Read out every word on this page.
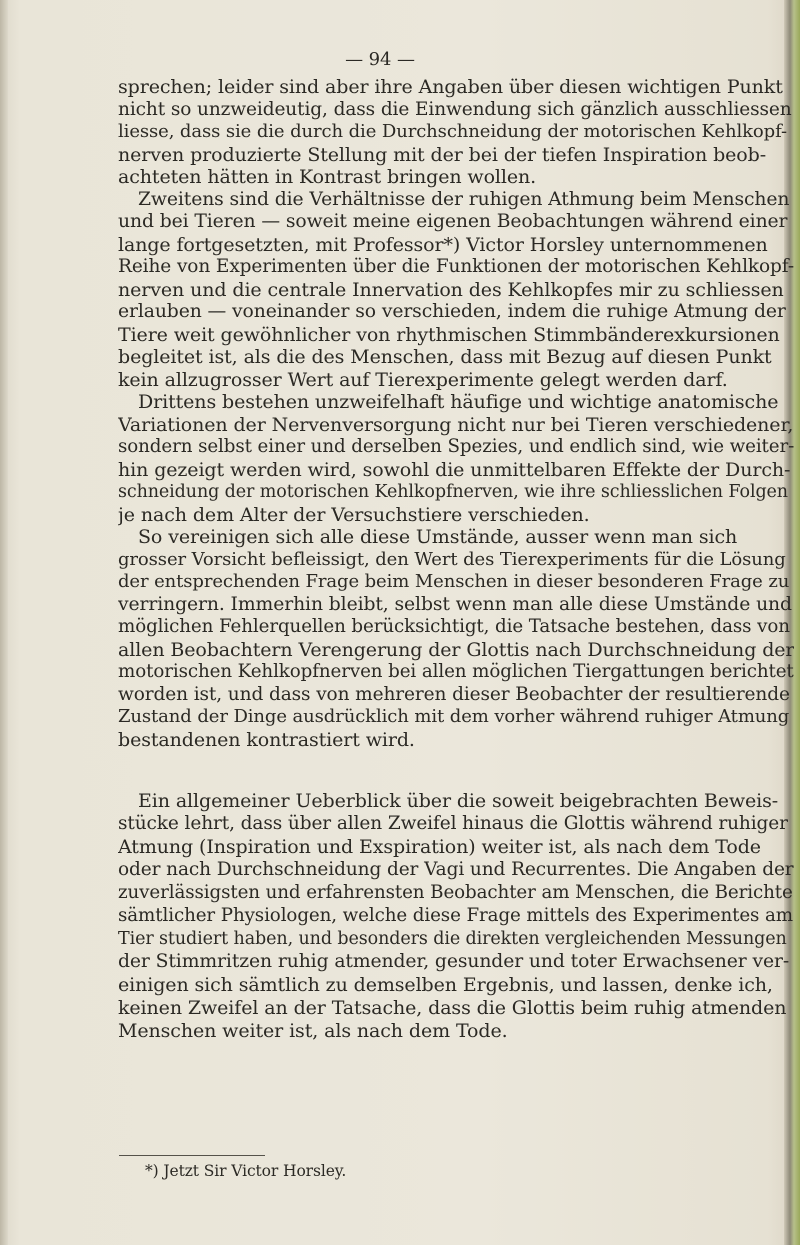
— 94 —
sprechen; leider sind aber ihre Angaben über diesen wichtigen Punkt
nicht so unzweideutig, dass die Einwendung sich gänzlich ausschliessen
liesse, dass sie die durch die Durchschneidung der motorischen Kehlkopf-
nerven produzierte Stellung mit der bei der tiefen Inspiration beob-
achteten hätten in Kontrast bringen wollen.
Zweitens sind die Verhältnisse der ruhigen Athmung beim Menschen
und bei Tieren — soweit meine eigenen Beobachtungen während einer
lange fortgesetzten, mit Professor*) Victor Horsley unternommenen
Reihe von Experimenten über die Funktionen der motorischen Kehlkopf-
nerven und die centrale Innervation des Kehlkopfes mir zu schliessen
erlauben — voneinander so verschieden, indem die ruhige Atmung der
Tiere weit gewöhnlicher von rhythmischen Stimmbänderexkursionen
begleitet ist, als die des Menschen, dass mit Bezug auf diesen Punkt
kein allzugrosser Wert auf Tierexperimente gelegt werden darf.
Drittens bestehen unzweifelhaft häufige und wichtige anatomische
Variationen der Nervenversorgung nicht nur bei Tieren verschiedener,
sondern selbst einer und derselben Spezies, und endlich sind, wie weiter-
hin gezeigt werden wird, sowohl die unmittelbaren Effekte der Durch-
schneidung der motorischen Kehlkopfnerven, wie ihre schliesslichen Folgen
je nach dem Alter der Versuchstiere verschieden.
So vereinigen sich alle diese Umstände, ausser wenn man sich
grosser Vorsicht befleissigt, den Wert des Tierexperiments für die Lösung
der entsprechenden Frage beim Menschen in dieser besonderen Frage zu
verringern. Immerhin bleibt, selbst wenn man alle diese Umstände und
möglichen Fehlerquellen berücksichtigt, die Tatsache bestehen, dass von
allen Beobachtern Verengerung der Glottis nach Durchschneidung der
motorischen Kehlkopfnerven bei allen möglichen Tiergattungen berichtet
worden ist, und dass von mehreren dieser Beobachter der resultierende
Zustand der Dinge ausdrücklich mit dem vorher während ruhiger Atmung
bestandenen kontrastiert wird.
Ein allgemeiner Ueberblick über die soweit beigebrachten Beweis-
stücke lehrt, dass über allen Zweifel hinaus die Glottis während ruhiger
Atmung (Inspiration und Exspiration) weiter ist, als nach dem Tode
oder nach Durchschneidung der Vagi und Recurrentes. Die Angaben der
zuverlässigsten und erfahrensten Beobachter am Menschen, die Berichte
sämtlicher Physiologen, welche diese Frage mittels des Experimentes am
Tier studiert haben, und besonders die direkten vergleichenden Messungen
der Stimmritzen ruhig atmender, gesunder und toter Erwachsener ver-
einigen sich sämtlich zu demselben Ergebnis, und lassen, denke ich,
keinen Zweifel an der Tatsache, dass die Glottis beim ruhig atmenden
Menschen weiter ist, als nach dem Tode.
*) Jetzt Sir Victor Horsley.
